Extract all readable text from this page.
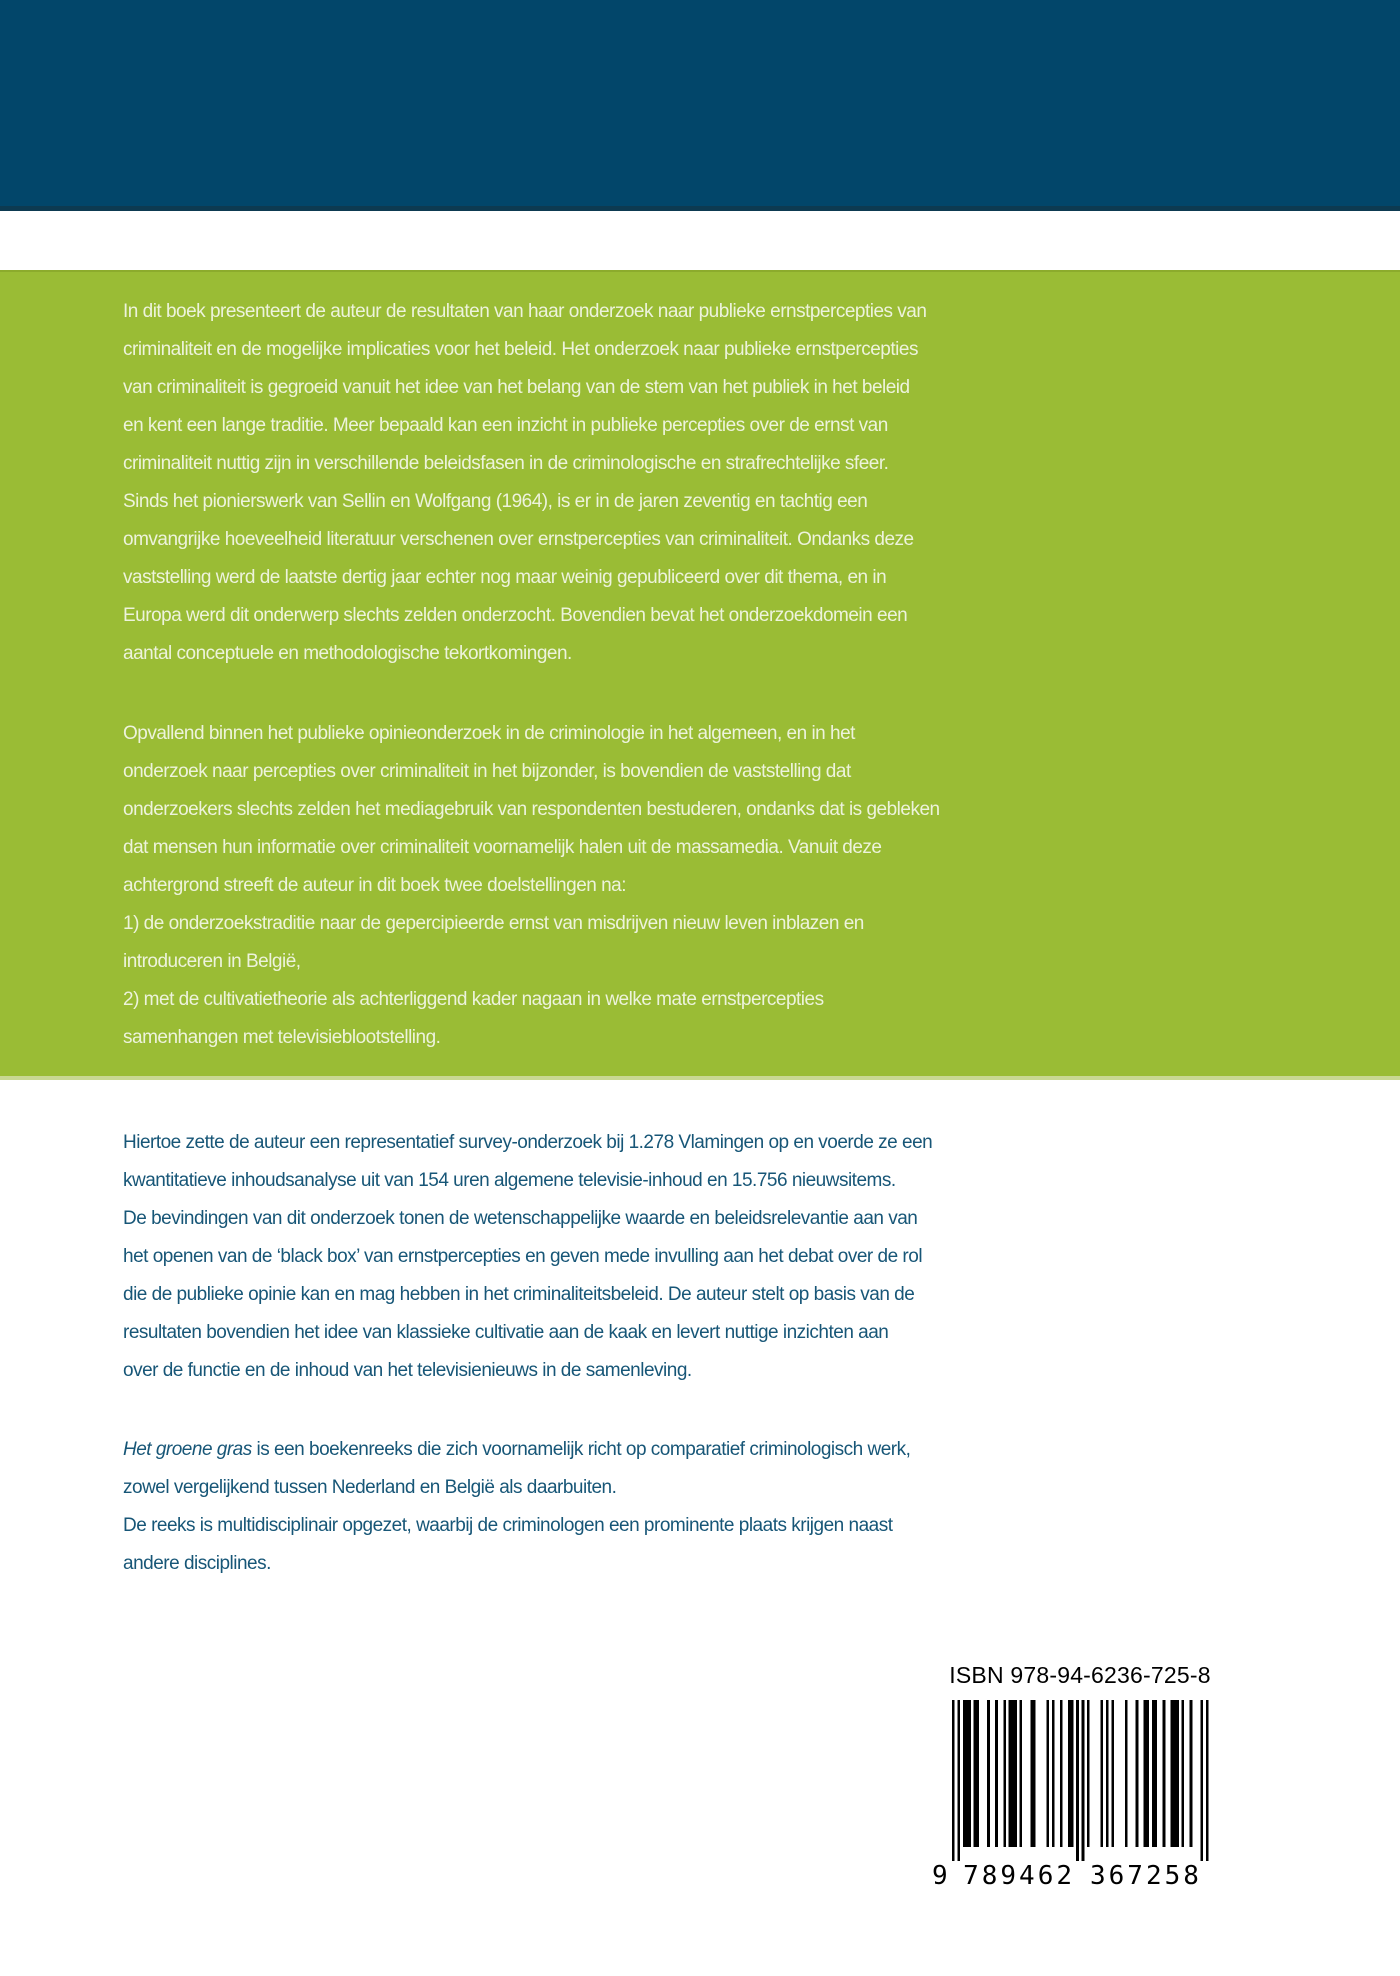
In dit boek presenteert de auteur de resultaten van haar onderzoek naar publieke ernstpercepties van
criminaliteit en de mogelijke implicaties voor het beleid. Het onderzoek naar publieke ernstpercepties
van criminaliteit is gegroeid vanuit het idee van het belang van de stem van het publiek in het beleid
en kent een lange traditie. Meer bepaald kan een inzicht in publieke percepties over de ernst van
criminaliteit nuttig zijn in verschillende beleidsfasen in de criminologische en strafrechtelijke sfeer.
Sinds het pionierswerk van Sellin en Wolfgang (1964), is er in de jaren zeventig en tachtig een
omvangrijke hoeveelheid literatuur verschenen over ernstpercepties van criminaliteit. Ondanks deze
vaststelling werd de laatste dertig jaar echter nog maar weinig gepubliceerd over dit thema, en in
Europa werd dit onderwerp slechts zelden onderzocht. Bovendien bevat het onderzoekdomein een
aantal conceptuele en methodologische tekortkomingen.

Opvallend binnen het publieke opinieonderzoek in de criminologie in het algemeen, en in het
onderzoek naar percepties over criminaliteit in het bijzonder, is bovendien de vaststelling dat
onderzoekers slechts zelden het mediagebruik van respondenten bestuderen, ondanks dat is gebleken
dat mensen hun informatie over criminaliteit voornamelijk halen uit de massamedia. Vanuit deze
achtergrond streeft de auteur in dit boek twee doelstellingen na:
1) de onderzoekstraditie naar de gepercipieerde ernst van misdrijven nieuw leven inblazen en
introduceren in België,
2) met de cultivatietheorie als achterliggend kader nagaan in welke mate ernstpercepties
samenhangen met televisieblootstelling.

Hiertoe zette de auteur een representatief survey-onderzoek bij 1.278 Vlamingen op en voerde ze een
kwantitatieve inhoudsanalyse uit van 154 uren algemene televisie-inhoud en 15.756 nieuwsitems.
De bevindingen van dit onderzoek tonen de wetenschappelijke waarde en beleidsrelevantie aan van
het openen van de ‘black box’ van ernstpercepties en geven mede invulling aan het debat over de rol
die de publieke opinie kan en mag hebben in het criminaliteitsbeleid. De auteur stelt op basis van de
resultaten bovendien het idee van klassieke cultivatie aan de kaak en levert nuttige inzichten aan
over de functie en de inhoud van het televisienieuws in de samenleving.

Het groene gras is een boekenreeks die zich voornamelijk richt op comparatief criminologisch werk,
zowel vergelijkend tussen Nederland en België als daarbuiten.
De reeks is multidisciplinair opgezet, waarbij de criminologen een prominente plaats krijgen naast
andere disciplines.

ISBN 978-94-6236-725-8
9 789462 367258
